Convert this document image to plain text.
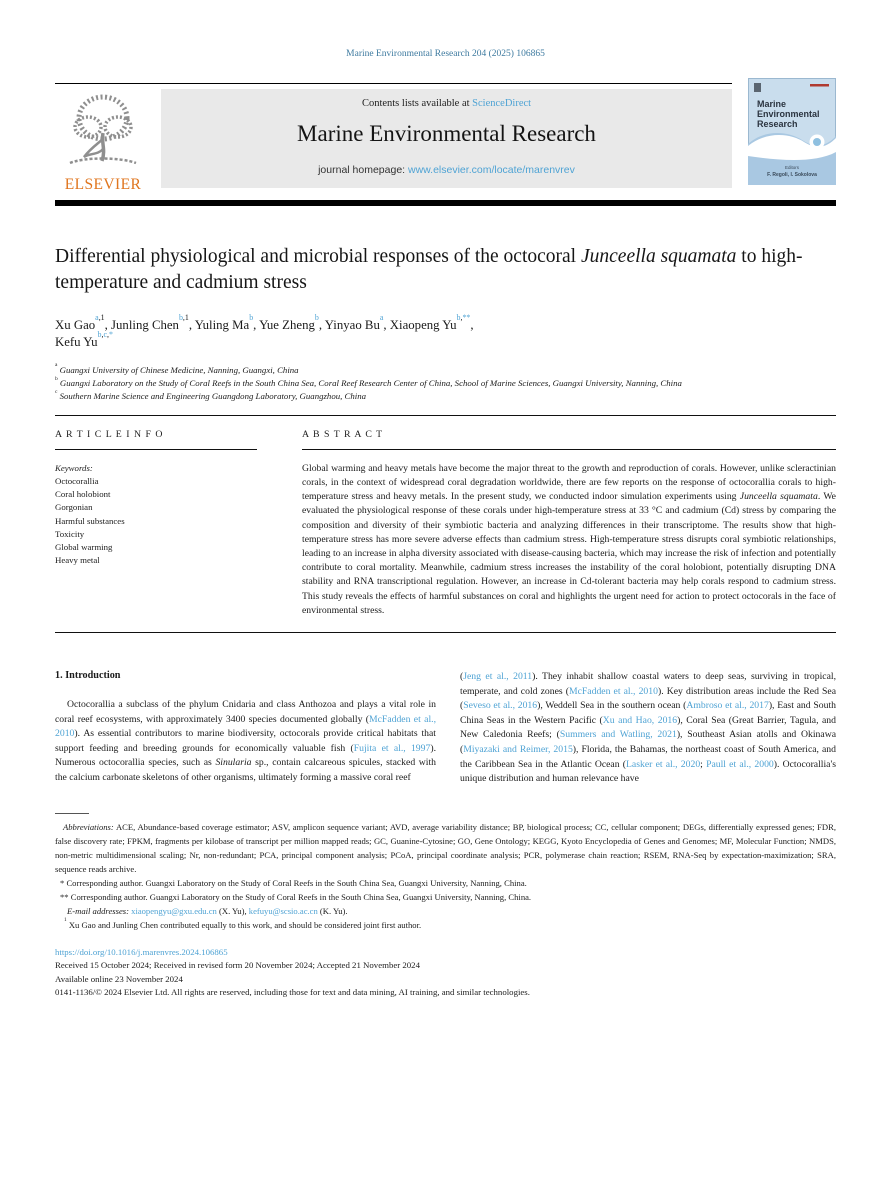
Marine Environmental Research 204 (2025) 106865
ELSEVIER
Contents lists available at ScienceDirect
Marine Environmental Research
journal homepage: www.elsevier.com/locate/marenvrev
Marine
Environmental
Research
Editors
F. Regoli, I. Sokolova
Differential physiological and microbial responses of the octocoral Junceella squamata to high-temperature and cadmium stress
Xu Gao$^{a,1}$, Junling Chen$^{b,1}$, Yuling Ma$^b$, Yue Zheng$^b$, Yinyao Bu$^a$, Xiaopeng $Yu^{b,**}$,
Kefu $Yu^{b,c,*}$
$^a$ Guangxi University of Chinese Medicine, Nanning, Guangxi, China
$^b$ Guangxi Laboratory on the Study of Coral Reefs in the South China Sea, Coral Reef Research Center of China, School of Marine Sciences, Guangxi University, Nanning, China
$^c$ Southern Marine Science and Engineering Guangdong Laboratory, Guangzhou, China
A R T I C L E I N F O
Keywords:
Octocorallia
Coral holobiont
Gorgonian
Harmful substances
Toxicity
Global warming
Heavy metal
A B S T R A C T
Global warming and heavy metals have become the major threat to the growth and reproduction of corals. However, unlike scleractinian corals, in the context of widespread coral degradation worldwide, there are few reports on the response of octocorallia corals to high-temperature stress and heavy metals. In the present study, we conducted indoor simulation experiments using Junceella squamata. We evaluated the physiological response of these corals under high-temperature stress at 33 °C and cadmium (Cd) stress by comparing the composition and diversity of their symbiotic bacteria and analyzing differences in their transcriptome. The results show that high-temperature stress has more severe adverse effects than cadmium stress. High-temperature stress disrupts coral symbiotic relationships, leading to an increase in alpha diversity associated with disease-causing bacteria, which may increase the risk of infection and potentially contribute to coral mortality. Meanwhile, cadmium stress increases the instability of the coral holobiont, potentially disrupting DNA stability and RNA transcriptional regulation. However, an increase in Cd-tolerant bacteria may help corals respond to cadmium stress. This study reveals the effects of harmful substances on coral and highlights the urgent need for action to protect octocorals in the face of environmental stress.
1. Introduction
Octocorallia a subclass of the phylum Cnidaria and class Anthozoa and plays a vital role in coral reef ecosystems, with approximately 3400 species documented globally (McFadden et al., 2010). As essential contributors to marine biodiversity, octocorals provide critical habitats that support feeding and breeding grounds for economically valuable fish (Fujita et al., 1997). Numerous octocorallia species, such as Sinularia sp., contain calcareous spicules, stacked with the calcium carbonate skeletons of other organisms, ultimately forming a massive coral reef
(Jeng et al., 2011). They inhabit shallow coastal waters to deep seas, surviving in tropical, temperate, and cold zones (McFadden et al., 2010). Key distribution areas include the Red Sea (Seveso et al., 2016), Weddell Sea in the southern ocean (Ambroso et al., 2017), East and South China Seas in the Western Pacific (Xu and Hao, 2016), Coral Sea (Great Barrier, Tagula, and New Caledonia Reefs; (Summers and Watling, 2021), Southeast Asian atolls and Okinawa (Miyazaki and Reimer, 2015), Florida, the Bahamas, the northeast coast of South America, and the Caribbean Sea in the Atlantic Ocean (Lasker et al., 2020; Paull et al., 2000). Octocorallia's unique distribution and human relevance have
Abbreviations: ACE, Abundance-based coverage estimator; ASV, amplicon sequence variant; AVD, average variability distance; BP, biological process; CC, cellular component; DEGs, differentially expressed genes; FDR, false discovery rate; FPKM, fragments per kilobase of transcript per million mapped reads; GC, Guanine-Cytosine; GO, Gene Ontology; KEGG, Kyoto Encyclopedia of Genes and Genomes; MF, Molecular Function; NMDS, non-metric multidimensional scaling; Nr, non-redundant; PCA, principal component analysis; PCoA, principal coordinate analysis; PCR, polymerase chain reaction; RSEM, RNA-Seq by expectation-maximization; SRA, sequence reads archive.
* Corresponding author. Guangxi Laboratory on the Study of Coral Reefs in the South China Sea, Guangxi University, Nanning, China.
** Corresponding author. Guangxi Laboratory on the Study of Coral Reefs in the South China Sea, Guangxi University, Nanning, China.
E-mail addresses: xiaopengyu@gxu.edu.cn (X. Yu), kefuyu@scsio.ac.cn (K. Yu).
$^1$ Xu Gao and Junling Chen contributed equally to this work, and should be considered joint first author.
https://doi.org/10.1016/j.marenvres.2024.106865
Received 15 October 2024; Received in revised form 20 November 2024; Accepted 21 November 2024
Available online 23 November 2024
0141-1136/© 2024 Elsevier Ltd. All rights are reserved, including those for text and data mining, AI training, and similar technologies.
